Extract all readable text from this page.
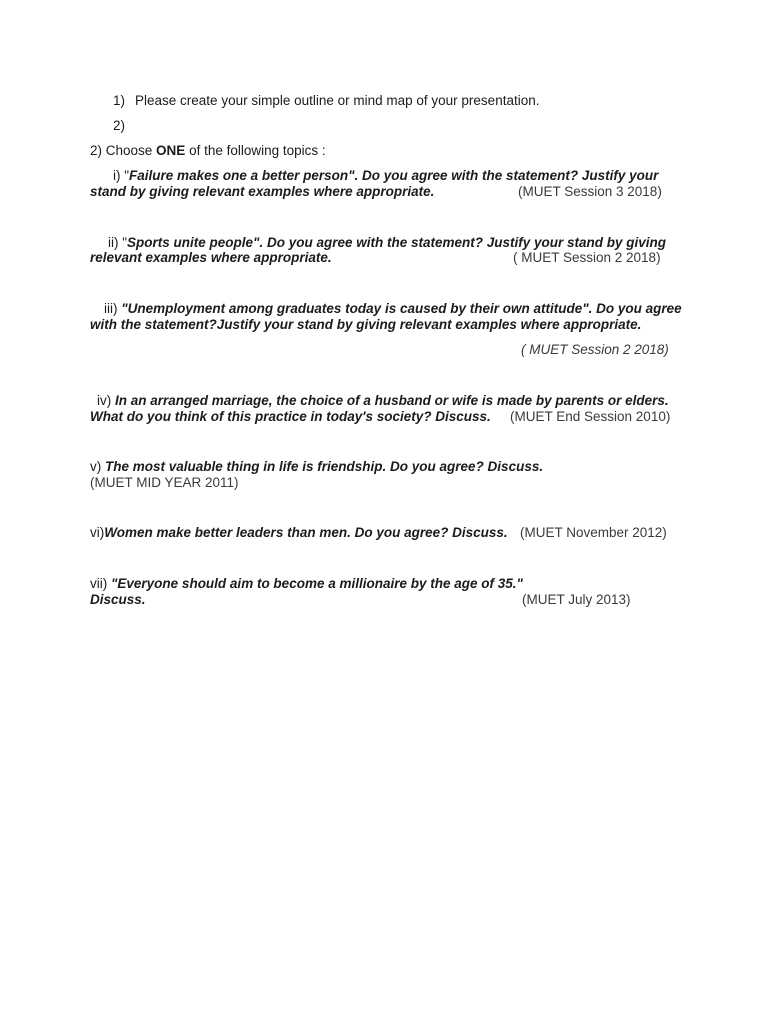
1) Please create your simple outline or mind map of your presentation.
2)
2) Choose ONE of the following topics :
i) "Failure makes one a better person". Do you agree with the statement? Justify your
stand by giving relevant examples where appropriate.	(MUET Session 3 2018)
ii) "Sports unite people". Do you agree with the statement? Justify your stand by giving
relevant examples where appropriate.	( MUET Session 2 2018)
iii) "Unemployment among graduates today is caused by their own attitude". Do you agree
with the statement?Justify your stand by giving relevant examples where appropriate.
( MUET Session 2 2018)
iv) In an arranged marriage, the choice of a husband or wife is made by parents or elders.
What do you think of this practice in today's society? Discuss. (MUET End Session 2010)
v) The most valuable thing in life is friendship. Do you agree? Discuss.
(MUET MID YEAR 2011)
vi)Women make better leaders than men. Do you agree? Discuss. (MUET November 2012)
vii) "Everyone should aim to become a millionaire by the age of 35."
Discuss.	(MUET July 2013)
